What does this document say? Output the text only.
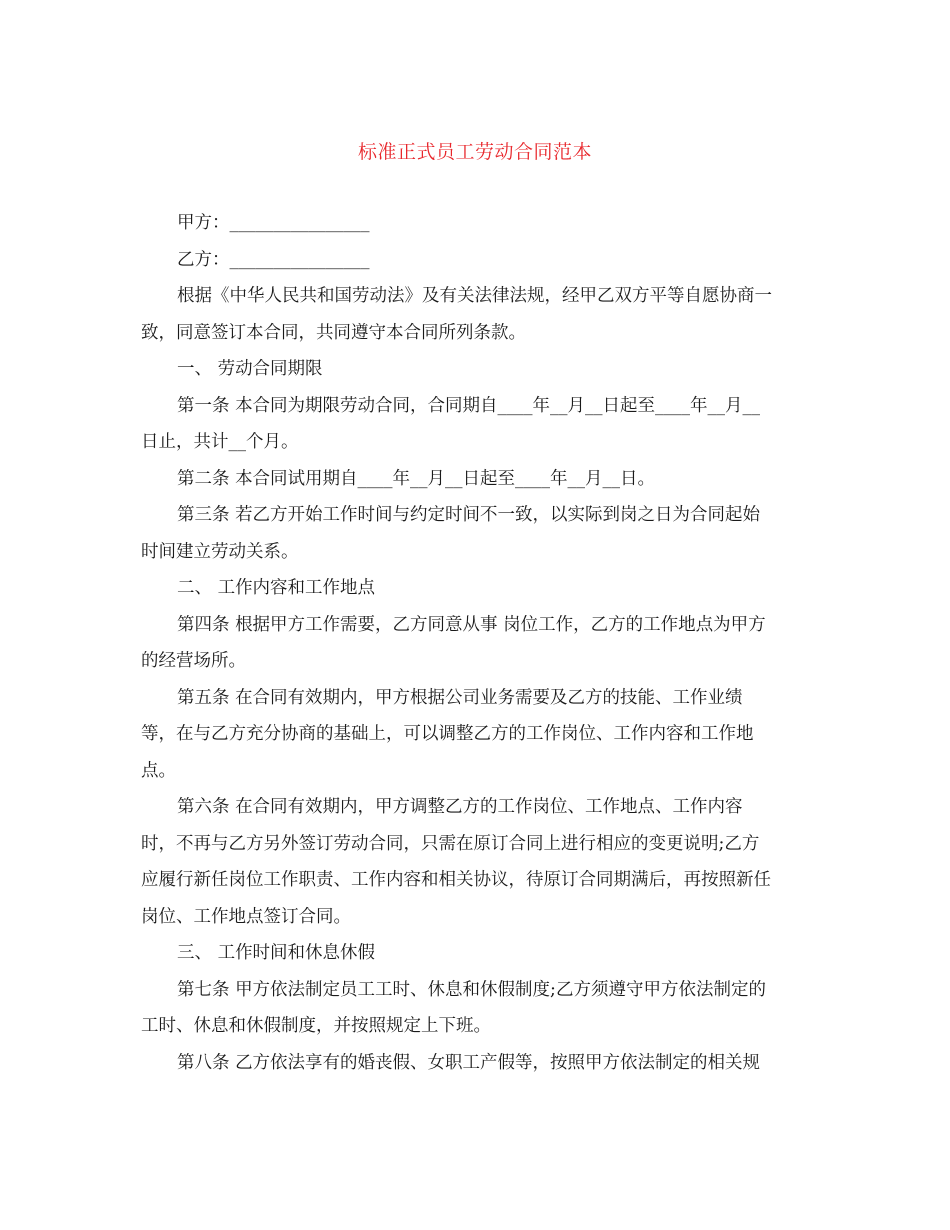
标准正式员工劳动合同范本
甲方：________________
乙方：________________
根据《中华人民共和国劳动法》及有关法律法规，经甲乙双方平等自愿协商一
致，同意签订本合同，共同遵守本合同所列条款。
一、 劳动合同期限
第一条 本合同为期限劳动合同，合同期自____年__月__日起至____年__月__
日止，共计__个月。
第二条 本合同试用期自____年__月__日起至____年__月__日。
第三条 若乙方开始工作时间与约定时间不一致，以实际到岗之日为合同起始
时间建立劳动关系。
二、 工作内容和工作地点
第四条 根据甲方工作需要，乙方同意从事 岗位工作，乙方的工作地点为甲方
的经营场所。
第五条 在合同有效期内，甲方根据公司业务需要及乙方的技能、工作业绩
等，在与乙方充分协商的基础上，可以调整乙方的工作岗位、工作内容和工作地
点。
第六条 在合同有效期内，甲方调整乙方的工作岗位、工作地点、工作内容
时，不再与乙方另外签订劳动合同，只需在原订合同上进行相应的变更说明;乙方
应履行新任岗位工作职责、工作内容和相关协议，待原订合同期满后，再按照新任
岗位、工作地点签订合同。
三、 工作时间和休息休假
第七条 甲方依法制定员工工时、休息和休假制度;乙方须遵守甲方依法制定的
工时、休息和休假制度，并按照规定上下班。
第八条 乙方依法享有的婚丧假、女职工产假等，按照甲方依法制定的相关规
